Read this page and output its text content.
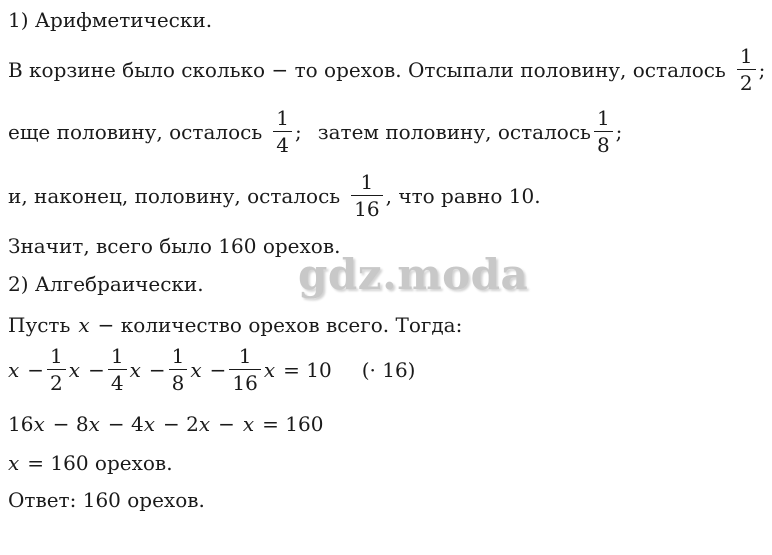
1) Арифметически.
В корзине было сколько − то орехов. Отсыпали половину, осталось $\frac{1}{2}$ ;
еще половину, осталось $\frac{1}{4}$ ; затем половину, осталось $\frac{1}{8}$ ;
и, наконец, половину, осталось $\frac{1}{16}$ , что равно 10.
Значит, всего было 160 орехов.
2) Алгебраически.
Пусть x − количество орехов всего. Тогда:
$x - \frac{1}{2}$ $x - \frac{1}{4}$ $x - \frac{1}{8}$ $x - \frac{1}{16}$ x = 10 (· 16)
16 x − 8 x − 4 x − 2 x − x = 160
x = 160 орехов.
Ответ: 160 орехов.
gdz.moda
